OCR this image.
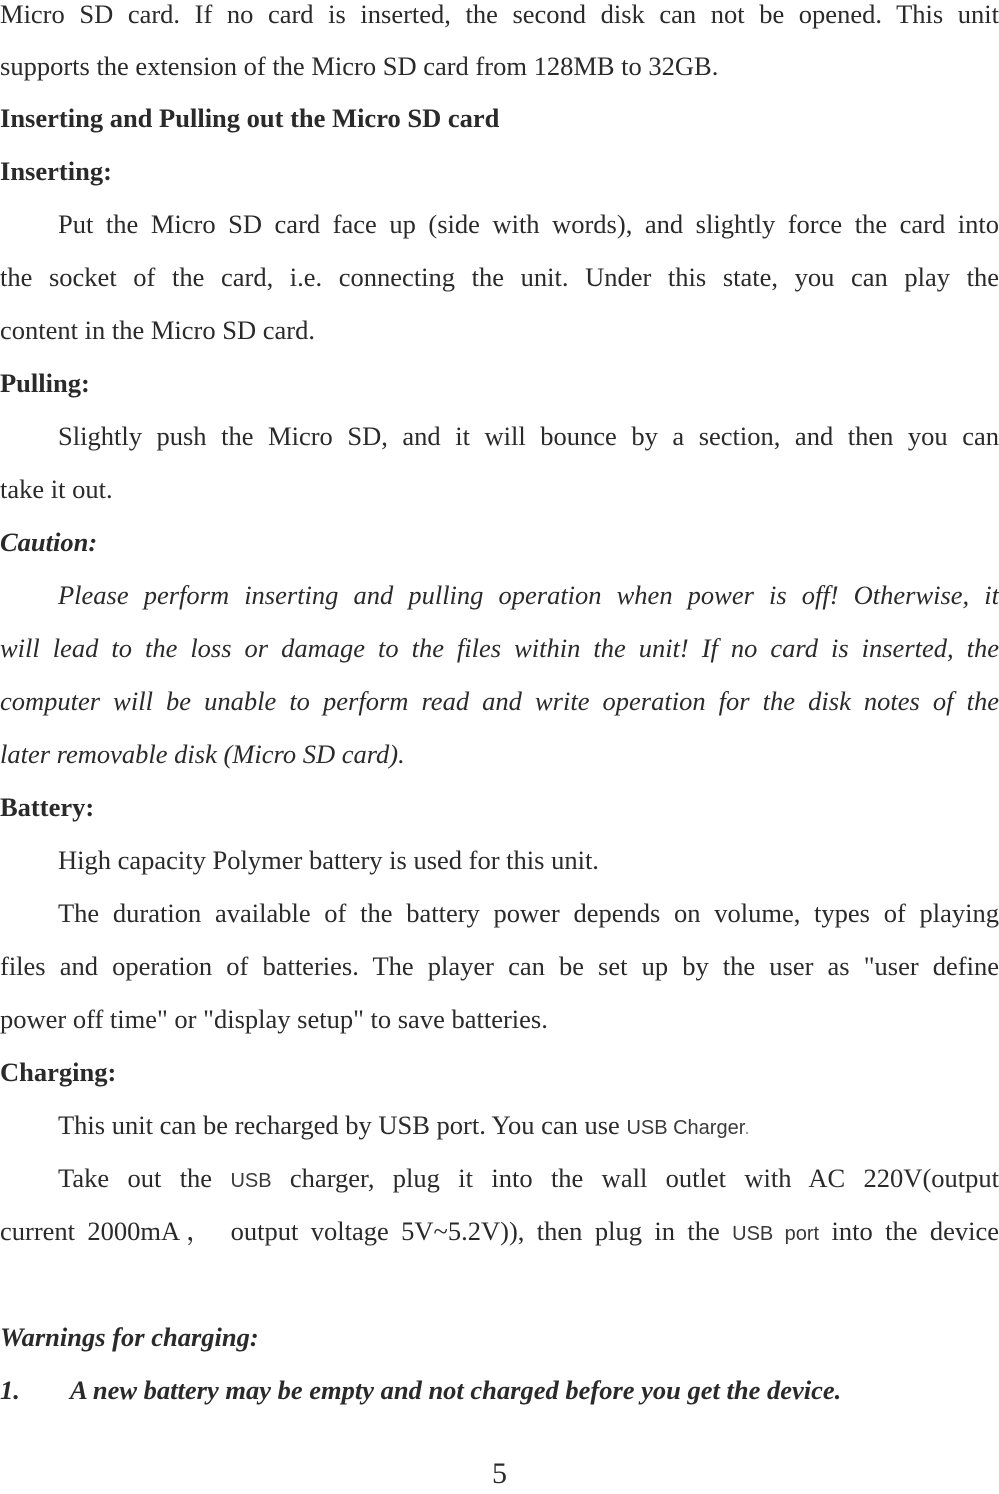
Micro SD card. If no card is inserted, the second disk can not be opened. This unit
supports the extension of the Micro SD card from 128MB to 32GB.
Inserting and Pulling out the Micro SD card
Inserting:
Put the Micro SD card face up (side with words), and slightly force the card into
the socket of the card, i.e. connecting the unit. Under this state, you can play the
content in the Micro SD card.
Pulling:
Slightly push the Micro SD, and it will bounce by a section, and then you can
take it out.
Caution:
Please perform inserting and pulling operation when power is off! Otherwise, it
will lead to the loss or damage to the files within the unit! If no card is inserted, the
computer will be unable to perform read and write operation for the disk notes of the
later removable disk (Micro SD card).
Battery:
High capacity Polymer battery is used for this unit.
The duration available of the battery power depends on volume, types of playing
files and operation of batteries. The player can be set up by the user as "user define
power off time" or "display setup" to save batteries.
Charging:
This unit can be recharged by USB port. You can use USB Charger.
Take out the USB charger, plug it into the wall outlet with AC 220V(output
current 2000mA， output voltage 5V~5.2V)), then plug in the USB port into the device
Warnings for charging:
1. A new battery may be empty and not charged before you get the device.
5
